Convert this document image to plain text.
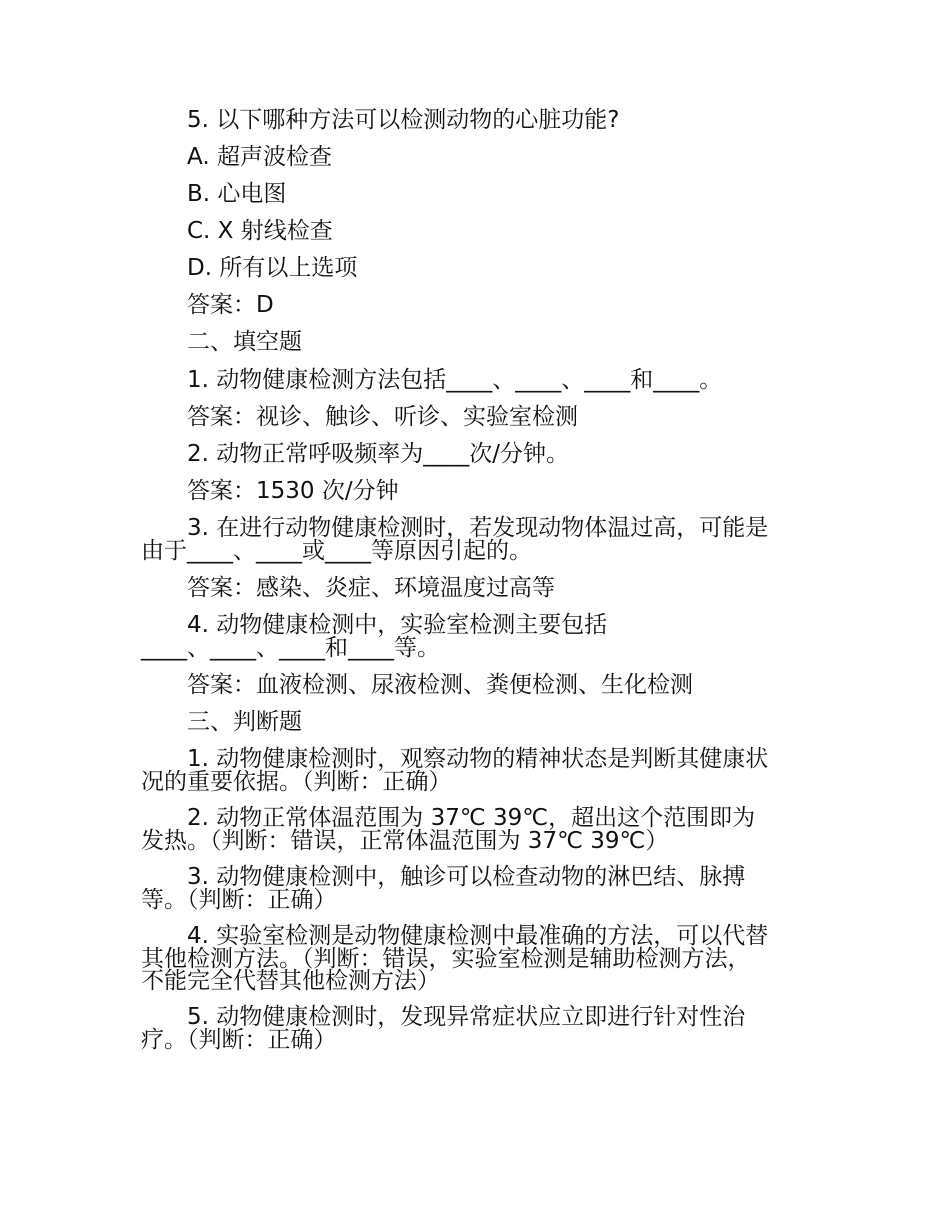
5. 以下哪种方法可以检测动物的心脏功能?
A. 超声波检查
B. 心电图
C. X 射线检查
D. 所有以上选项
答案：D
二、填空题
1. 动物健康检测方法包括____、____、____和____。
答案：视诊、触诊、听诊、实验室检测
2. 动物正常呼吸频率为____次/分钟。
答案：1530 次/分钟
3. 在进行动物健康检测时，若发现动物体温过高，可能是
由于____、____或____等原因引起的。
答案：感染、炎症、环境温度过高等
4. 动物健康检测中，实验室检测主要包括
____、____、____和____等。
答案：血液检测、尿液检测、粪便检测、生化检测
三、判断题
1. 动物健康检测时，观察动物的精神状态是判断其健康状
况的重要依据。（判断：正确）
2. 动物正常体温范围为 37℃ 39℃，超出这个范围即为
发热。（判断：错误，正常体温范围为 37℃ 39℃）
3. 动物健康检测中，触诊可以检查动物的淋巴结、脉搏
等。（判断：正确）
4. 实验室检测是动物健康检测中最准确的方法，可以代替
其他检测方法。（判断：错误，实验室检测是辅助检测方法，
不能完全代替其他检测方法）
5. 动物健康检测时，发现异常症状应立即进行针对性治
疗。（判断：正确）
